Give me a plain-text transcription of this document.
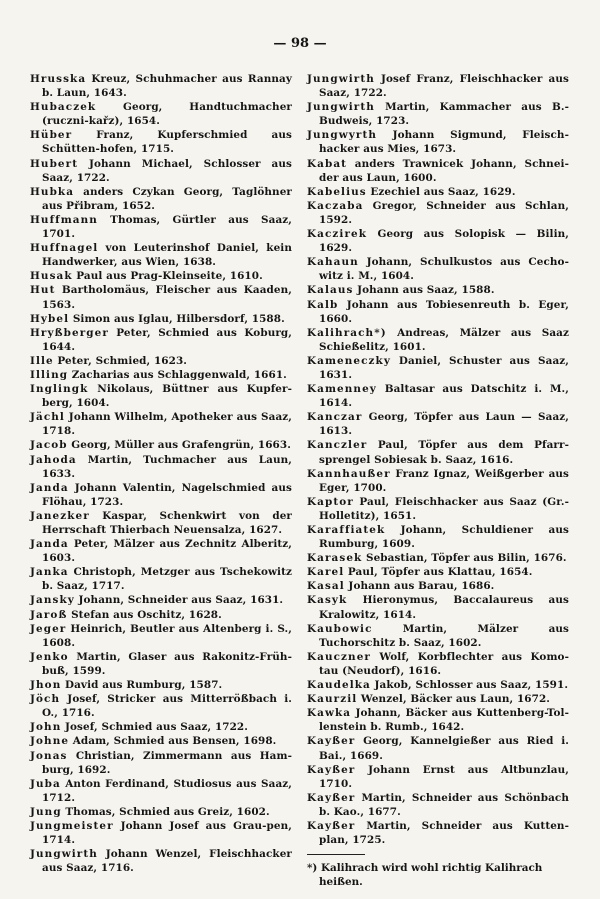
— 98 —

Hrusska Kreuz, Schuhmacher aus Rannay b. Laun, 1643.

Hubaczek	Georg, Handtuchmacher (ruczni-kařz), 1654.

Hüber Franz, Kupferschmied aus Schütten-hofen, 1715.

Hubert Johann Michael, Schlosser aus Saaz, 1722.

Hubka anders Czykan Georg, Taglöhner aus Přibram, 1652.

Huffmann Thomas, Gürtler aus Saaz, 1701.

Huffnagel von Leuterinshof Daniel, kein Handwerker, aus Wien, 1638.

Husak Paul aus Prag-Kleinseite, 1610.

Hut Bartholomäus, Fleischer aus Kaaden, 1563.

Hybel Simon aus Iglau, Hilbersdorf, 1588.

Hryßberger Peter, Schmied aus Koburg, 1644.

Ille Peter, Schmied, 1623.

Illing Zacharias aus Schlaggenwald, 1661.

Inglingk Nikolaus, Büttner aus Kupfer-berg, 1604.

Jächl Johann Wilhelm, Apotheker aus Saaz, 1718.

Jacob Georg, Müller aus Grafengrün, 1663.

Jahoda Martin, Tuchmacher aus Laun, 1633.

Janda Johann Valentin, Nagelschmied aus Flöhau, 1723.

Janezker Kaspar, Schenkwirt von der Herrschaft Thierbach Neuensalza, 1627.

Janda Peter, Mälzer aus Zechnitz Alberitz, 1603.

Janka Christoph, Metzger aus Tschekowitz b. Saaz, 1717.

Jansky Johann, Schneider aus Saaz, 1631.

Jaroß Stefan aus Oschitz, 1628.

Jeger Heinrich, Beutler aus Altenberg i. S., 1608.

Jenko Martin, Glaser aus Rakonitz-Früh-buß, 1599.

Jhon David aus Rumburg, 1587.

Jöch Josef, Stricker aus Mitterrößbach i. O., 1716.

John Josef, Schmied aus Saaz, 1722.

Johne Adam, Schmied aus Bensen, 1698.

Jonas Christian, Zimmermann aus Ham-burg, 1692.

Juba Anton Ferdinand, Studiosus aus Saaz, 1712.

Jung Thomas, Schmied aus Greiz, 1602.

Jungmeister Johann Josef aus Grau-pen, 1714.

Jungwirth Johann Wenzel, Fleischhacker aus Saaz, 1716.

Jungwirth Josef Franz, Fleischhacker aus Saaz, 1722.

Jungwirth Martin, Kammacher aus B.-Budweis, 1723.

Jungwyrth Johann Sigmund, Fleisch-hacker aus Mies, 1673.

Kabat anders Trawnicek Johann, Schnei-der aus Laun, 1600.

Kabelius Ezechiel aus Saaz, 1629.

Kaczaba Gregor, Schneider aus Schlan, 1592.

Kaczirek Georg aus Solopisk — Bilin, 1629.

Kahaun Johann, Schulkustos aus Cecho-witz i. M., 1604.

Kalaus Johann aus Saaz, 1588.

Kalb Johann aus Tobiesenreuth b. Eger, 1660.

Kalihrach*) Andreas, Mälzer aus Saaz Schießelitz, 1601.

Kameneczky Daniel, Schuster aus Saaz, 1631.

Kamenney Baltasar aus Datschitz i. M., 1614.

Kanczar Georg, Töpfer aus Laun — Saaz, 1613.

Kanczler Paul, Töpfer aus dem Pfarr-sprengel Sobiesak b. Saaz, 1616.

Kannhaußer Franz Ignaz, Weißgerber aus Eger, 1700.

Kaptor Paul, Fleischhacker aus Saaz (Gr.-Holletitz), 1651.

Karaffiatek Johann, Schuldiener aus Rumburg, 1609.

Karasek Sebastian, Töpfer aus Bilin, 1676.

Karel Paul, Töpfer aus Klattau, 1654.

Kasal Johann aus Barau, 1686.

Kasyk Hieronymus, Baccalaureus aus Kralowitz, 1614.

Kaubowic	Martin, Mälzer aus Tuchorschitz b. Saaz, 1602.

Kauczner Wolf, Korbflechter aus Komo-tau (Neudorf), 1616.

Kaudelka Jakob, Schlosser aus Saaz, 1591.

Kaurzil Wenzel, Bäcker aus Laun, 1672.

Kawka Johann, Bäcker aus Kuttenberg-Tol-lenstein b. Rumb., 1642.

Kayßer Georg, Kannelgießer aus Ried i. Bai., 1669.

Kayßer Johann Ernst aus Altbunzlau, 1710.

Kayßer Martin, Schneider aus Schönbach b. Kao., 1677.

Kayßer Martin, Schneider aus Kutten-plan, 1725.

*) Kalihrach wird wohl richtig Kalihrach heißen.
